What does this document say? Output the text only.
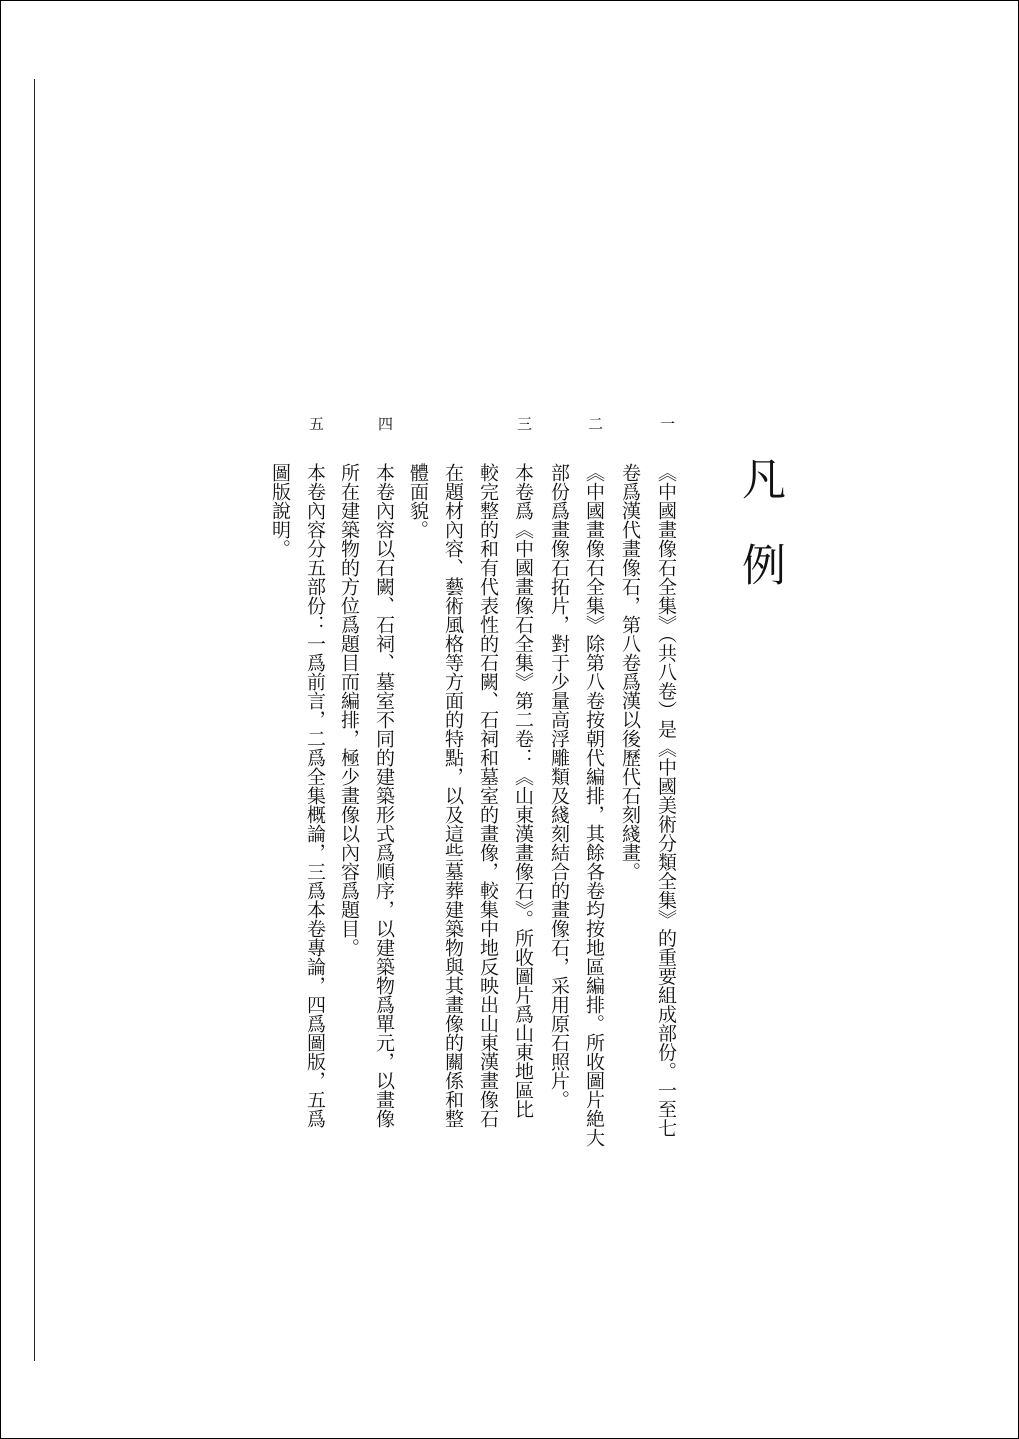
凡例
一
《中國畫像石全集》（共八卷）是《中國美術分類全集》的重要組成部份。一至七
卷爲漢代畫像石，第八卷爲漢以後歷代石刻綫畫。
二
《中國畫像石全集》除第八卷按朝代編排，其餘各卷均按地區編排。所收圖片絶大
部份爲畫像石拓片，對于少量高浮雕類及綫刻結合的畫像石，采用原石照片。
三
本卷爲《中國畫像石全集》第二卷：《山東漢畫像石》。所收圖片爲山東地區比
較完整的和有代表性的石闕、石祠和墓室的畫像，較集中地反映出山東漢畫像石
在題材內容、藝術風格等方面的特點，以及這些墓葬建築物與其畫像的關係和整
體面貌。
四
本卷內容以石闕、石祠、墓室不同的建築形式爲順序，以建築物爲單元，以畫像
所在建築物的方位爲題目而編排，極少畫像以內容爲題目。
五
本卷內容分五部份：一爲前言，二爲全集概論，三爲本卷專論，四爲圖版，五爲
圖版說明。
